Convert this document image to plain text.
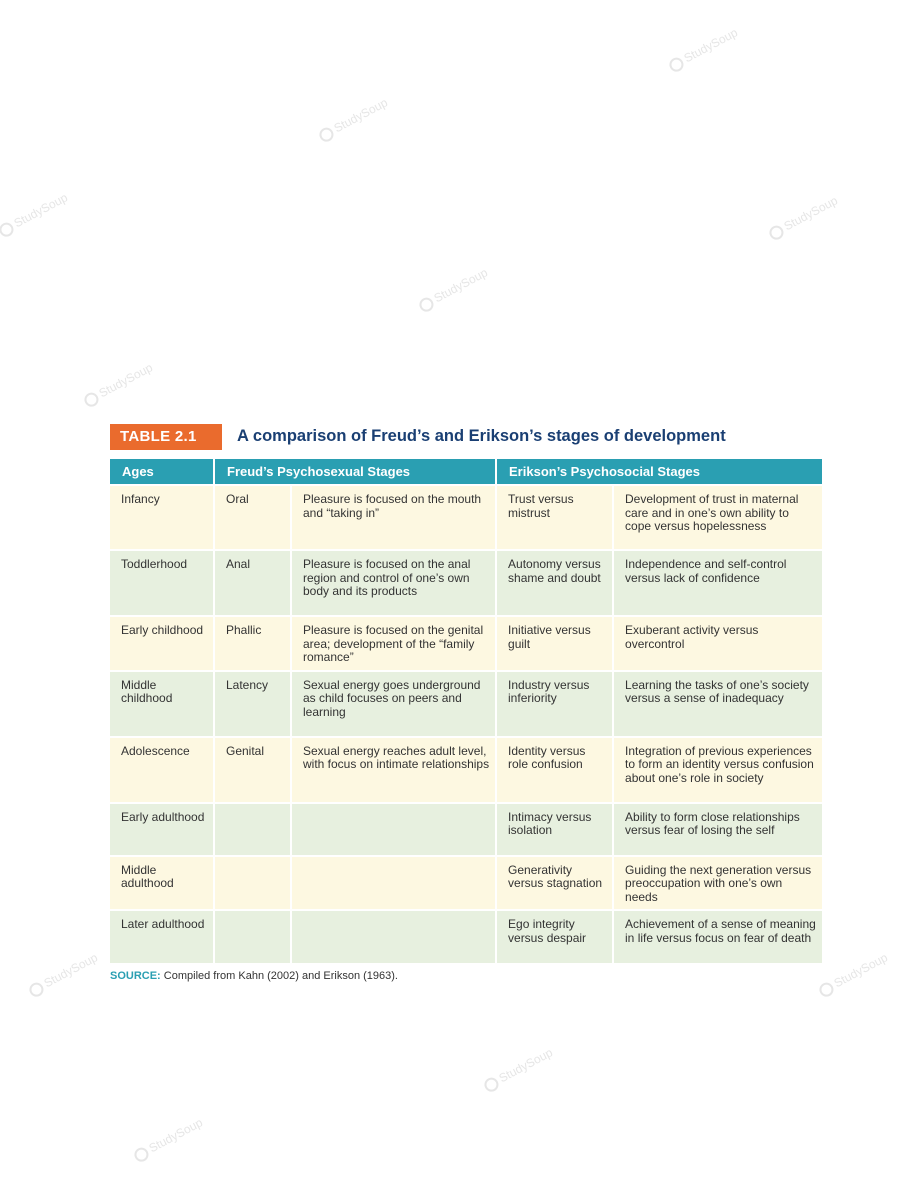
StudySoup
StudySoup
StudySoup	StudySoup
StudySoup
StudySoup
StudySoup	StudySoup
StudySoup
StudySoup
TABLE 2.1	A comparison of Freud’s and Erikson’s stages of development
Ages	Freud’s Psychosexual Stages		Erikson’s Psychosocial Stages	
Infancy	Oral	Pleasure is focused on the mouth and “taking in”	Trust versus mistrust	Development of trust in maternal care and in one’s own ability to cope versus hopelessness
Toddlerhood	Anal	Pleasure is focused on the anal region and control of one’s own body and its products	Autonomy versus shame and doubt	Independence and self-control versus lack of confidence
Early childhood	Phallic	Pleasure is focused on the genital area; development of the “family romance”	Initiative versus guilt	Exuberant activity versus overcontrol
Middle childhood	Latency	Sexual energy goes underground as child focuses on peers and learning	Industry versus inferiority	Learning the tasks of one’s society versus a sense of inadequacy
Adolescence	Genital	Sexual energy reaches adult level, with focus on intimate relationships	Identity versus role confusion	Integration of previous experiences to form an identity versus confusion about one’s role in society
Early adulthood			Intimacy versus isolation	Ability to form close relationships versus fear of losing the self
Middle adulthood			Generativity versus stagnation	Guiding the next generation versus preoccupation with one’s own needs
Later adulthood			Ego integrity versus despair	Achievement of a sense of meaning in life versus focus on fear of death
SOURCE: Compiled from Kahn (2002) and Erikson (1963).
